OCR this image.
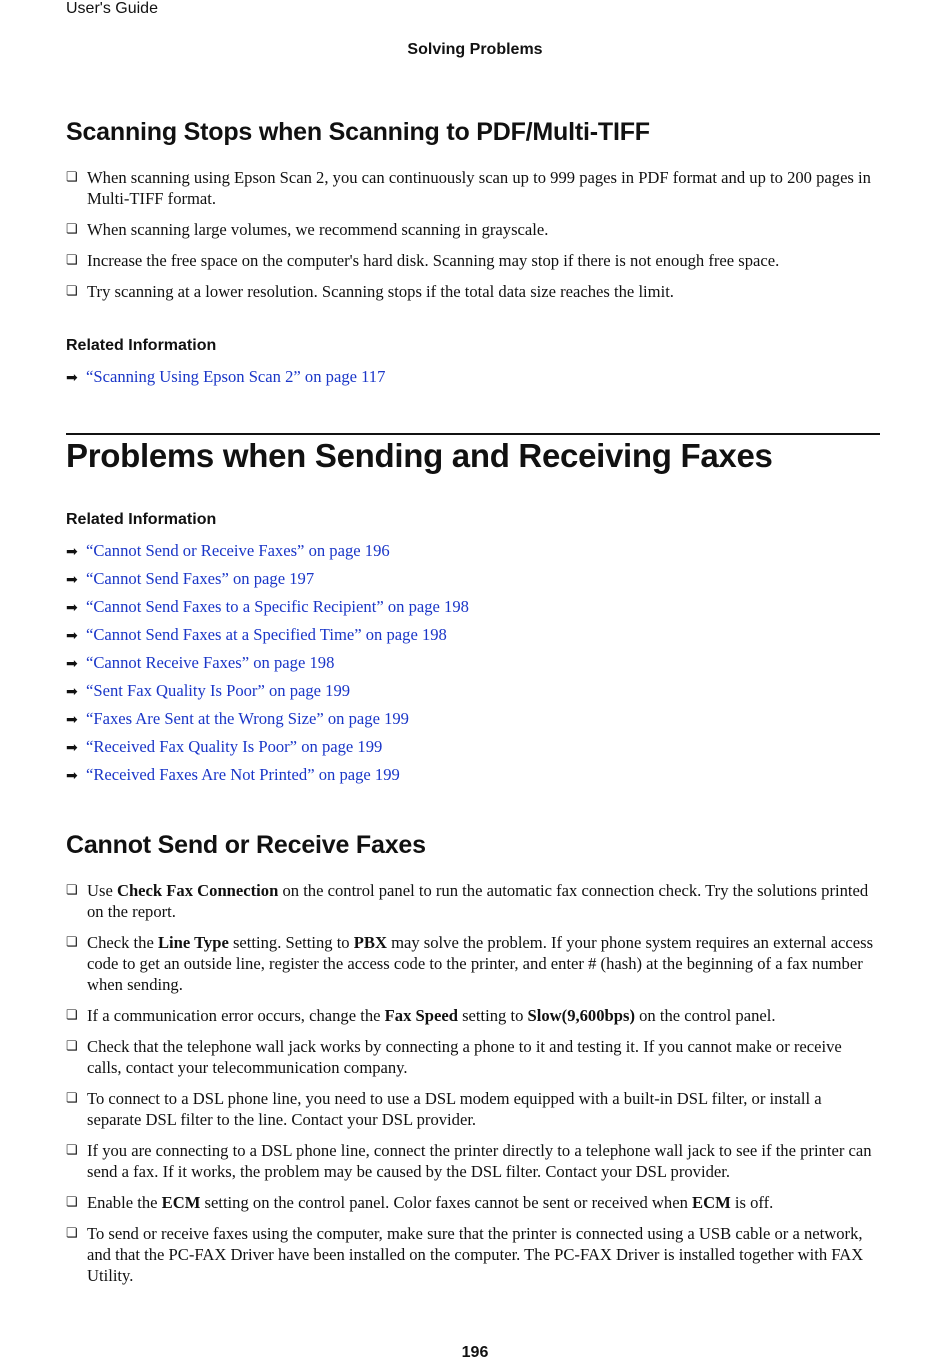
User's Guide
Solving Problems
Scanning Stops when Scanning to PDF/Multi-TIFF
❏ When scanning using Epson Scan 2, you can continuously scan up to 999 pages in PDF format and up to 200 pages in Multi-TIFF format.
❏ When scanning large volumes, we recommend scanning in grayscale.
❏ Increase the free space on the computer's hard disk. Scanning may stop if there is not enough free space.
❏ Try scanning at a lower resolution. Scanning stops if the total data size reaches the limit.
Related Information
➡ “Scanning Using Epson Scan 2” on page 117
Problems when Sending and Receiving Faxes
Related Information
➡ “Cannot Send or Receive Faxes” on page 196
➡ “Cannot Send Faxes” on page 197
➡ “Cannot Send Faxes to a Specific Recipient” on page 198
➡ “Cannot Send Faxes at a Specified Time” on page 198
➡ “Cannot Receive Faxes” on page 198
➡ “Sent Fax Quality Is Poor” on page 199
➡ “Faxes Are Sent at the Wrong Size” on page 199
➡ “Received Fax Quality Is Poor” on page 199
➡ “Received Faxes Are Not Printed” on page 199
Cannot Send or Receive Faxes
❏ Use Check Fax Connection on the control panel to run the automatic fax connection check. Try the solutions printed on the report.
❏ Check the Line Type setting. Setting to PBX may solve the problem. If your phone system requires an external access code to get an outside line, register the access code to the printer, and enter # (hash) at the beginning of a fax number when sending.
❏ If a communication error occurs, change the Fax Speed setting to Slow(9,600bps) on the control panel.
❏ Check that the telephone wall jack works by connecting a phone to it and testing it. If you cannot make or receive calls, contact your telecommunication company.
❏ To connect to a DSL phone line, you need to use a DSL modem equipped with a built-in DSL filter, or install a separate DSL filter to the line. Contact your DSL provider.
❏ If you are connecting to a DSL phone line, connect the printer directly to a telephone wall jack to see if the printer can send a fax. If it works, the problem may be caused by the DSL filter. Contact your DSL provider.
❏ Enable the ECM setting on the control panel. Color faxes cannot be sent or received when ECM is off.
❏ To send or receive faxes using the computer, make sure that the printer is connected using a USB cable or a network, and that the PC-FAX Driver have been installed on the computer. The PC-FAX Driver is installed together with FAX Utility.
196
